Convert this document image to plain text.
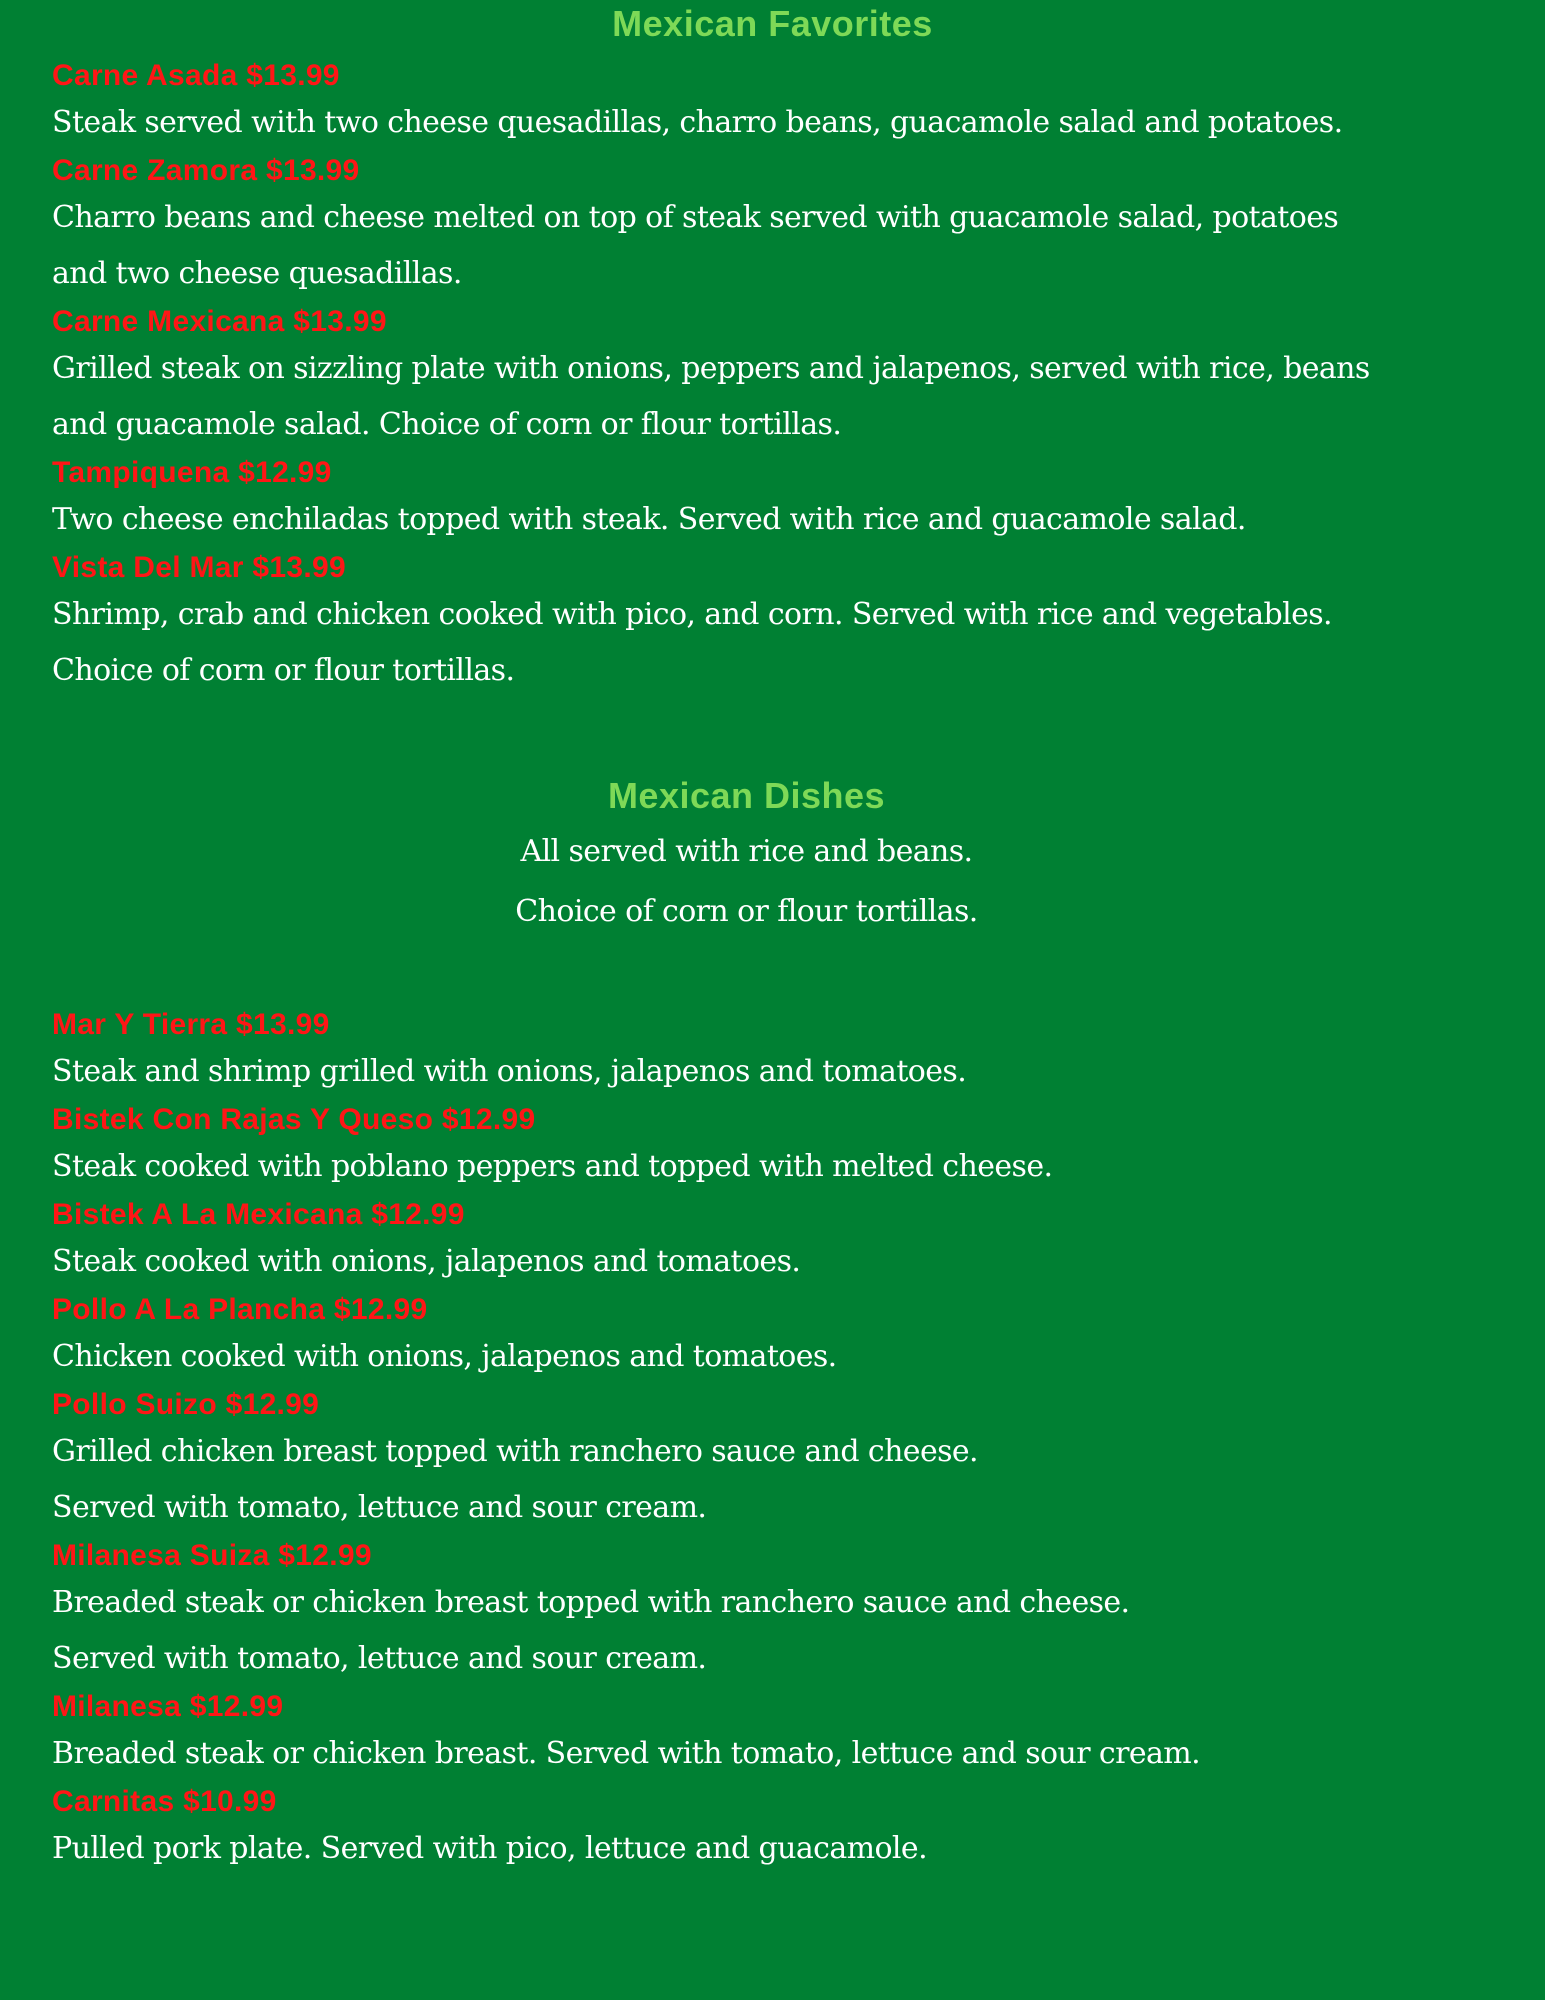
Mexican Favorites
Carne Asada $13.99
Steak served with two cheese quesadillas, charro beans, guacamole salad and potatoes.
Carne Zamora $13.99
Charro beans and cheese melted on top of steak served with guacamole salad, potatoes
and two cheese quesadillas.
Carne Mexicana $13.99
Grilled steak on sizzling plate with onions, peppers and jalapenos, served with rice, beans
and guacamole salad. Choice of corn or flour tortillas.
Tampiquena $12.99
Two cheese enchiladas topped with steak. Served with rice and guacamole salad.
Vista Del Mar $13.99
Shrimp, crab and chicken cooked with pico, and corn. Served with rice and vegetables.
Choice of corn or flour tortillas.
Mexican Dishes
All served with rice and beans.
Choice of corn or flour tortillas.
Mar Y Tierra $13.99
Steak and shrimp grilled with onions, jalapenos and tomatoes.
Bistek Con Rajas Y Queso $12.99
Steak cooked with poblano peppers and topped with melted cheese.
Bistek A La Mexicana $12.99
Steak cooked with onions, jalapenos and tomatoes.
Pollo A La Plancha $12.99
Chicken cooked with onions, jalapenos and tomatoes.
Pollo Suizo $12.99
Grilled chicken breast topped with ranchero sauce and cheese.
Served with tomato, lettuce and sour cream.
Milanesa Suiza $12.99
Breaded steak or chicken breast topped with ranchero sauce and cheese.
Served with tomato, lettuce and sour cream.
Milanesa $12.99
Breaded steak or chicken breast. Served with tomato, lettuce and sour cream.
Carnitas $10.99
Pulled pork plate. Served with pico, lettuce and guacamole.
